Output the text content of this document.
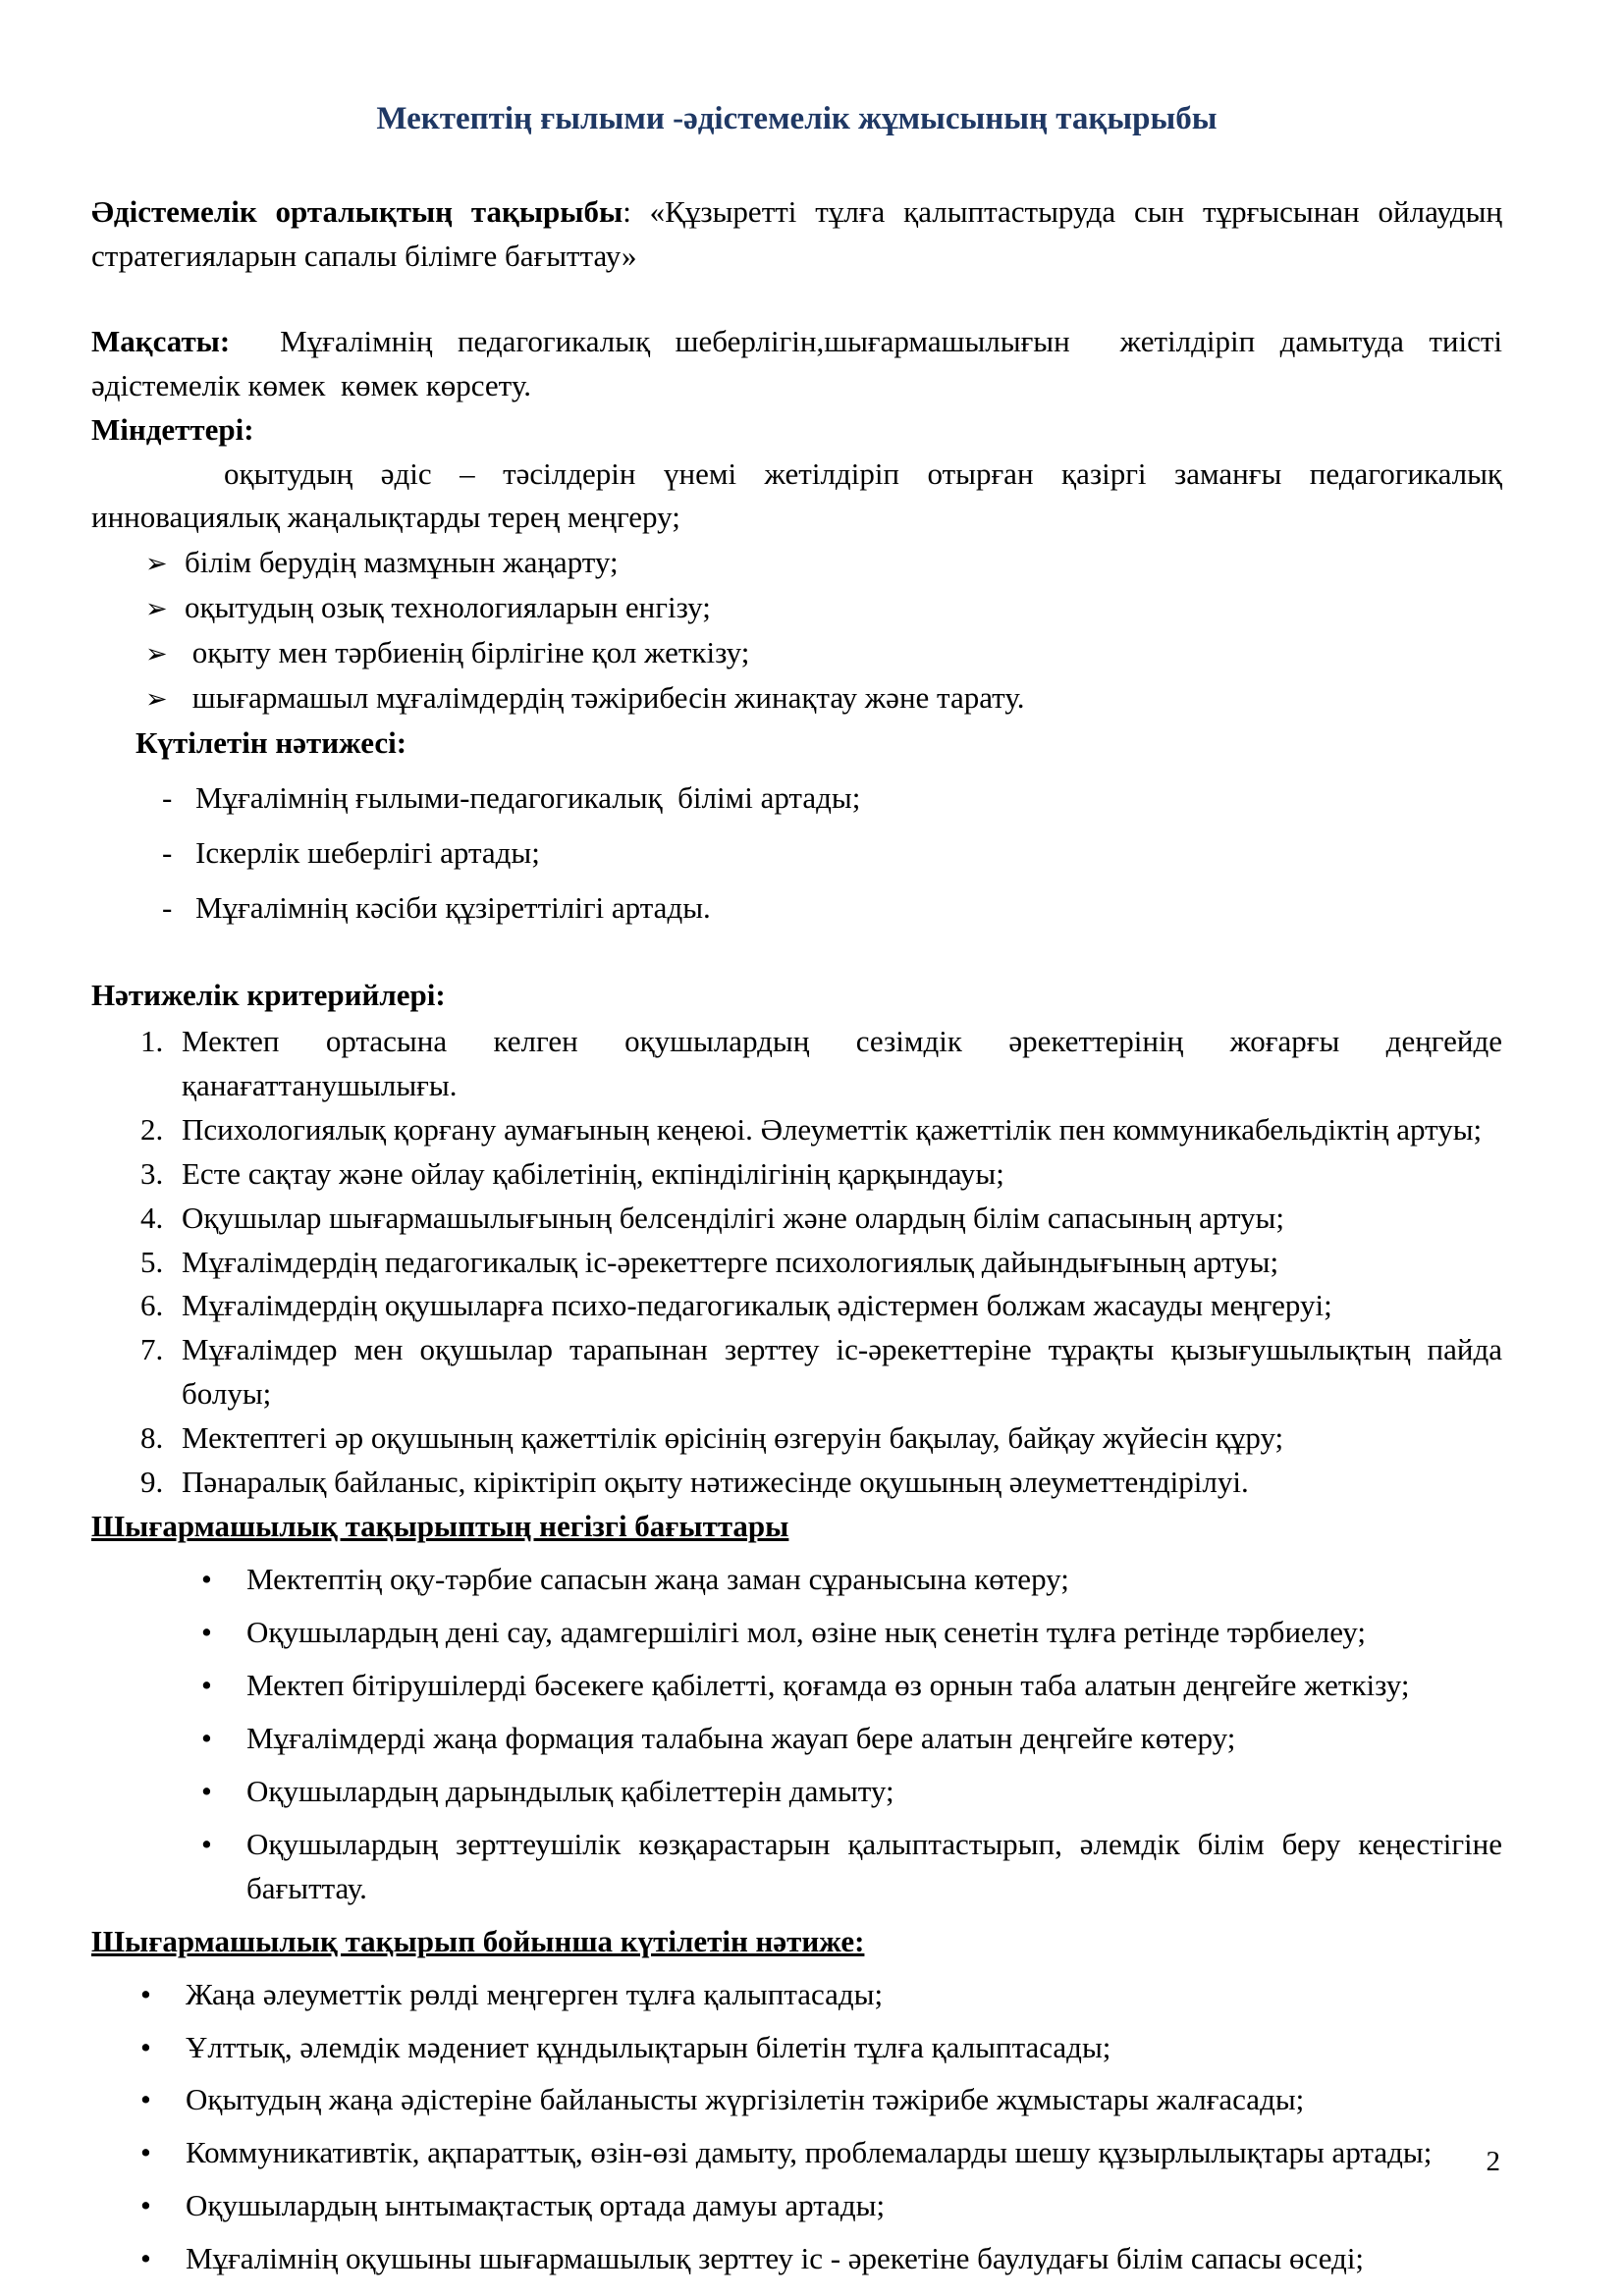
Мектептің ғылыми -әдістемелік жұмысының тақырыбы

Әдістемелік орталықтың тақырыбы: «Құзыретті тұлға қалыптастыруда сын тұрғысынан ойлаудың стратегияларын сапалы білімге бағыттау»

Мақсаты:  Мұғалімнің педагогикалық шеберлігін,шығармашылығын  жетілдіріп дамытуда тиісті әдістемелік көмек  көмек көрсету.

Міндеттері:

оқытудың әдіс – тәсілдерін үнемі жетілдіріп отырған қазіргі заманғы педагогикалық инновациялық жаңалықтарды терең меңгеру;

➢ білім берудің мазмұнын жаңарту;
➢ оқытудың озық технологияларын енгізу;
➢ оқыту мен тәрбиенің бірлігіне қол жеткізу;
➢ шығармашыл мұғалімдердің тәжірибесін жинақтау және тарату.

Күтілетін нәтижесі:

- Мұғалімнің ғылыми-педагогикалық  білімі артады;
- Іскерлік шеберлігі артады;
- Мұғалімнің кәсіби құзіреттілігі артады.

Нәтижелік критерийлері:

1. Мектеп ортасына келген оқушылардың сезімдік әрекеттерінің жоғарғы деңгейде қанағаттанушылығы.
2. Психологиялық қорғану аумағының кеңеюі. Әлеуметтік қажеттілік пен коммуникабельдіктің артуы;
3. Есте сақтау және ойлау қабілетінің, екпінділігінің қарқындауы;
4. Оқушылар шығармашылығының белсенділігі және олардың білім сапасының артуы;
5. Мұғалімдердің педагогикалық іс-әрекеттерге психологиялық дайындығының артуы;
6. Мұғалімдердің оқушыларға психо-педагогикалық әдістермен болжам жасауды меңгеруі;
7. Мұғалімдер мен оқушылар тарапынан зерттеу іс-әрекеттеріне тұрақты қызығушылықтың пайда болуы;
8. Мектептегі әр оқушының қажеттілік өрісінің өзгеруін бақылау, байқау жүйесін құру;
9. Пәнаралық байланыс, кіріктіріп оқыту нәтижесінде оқушының әлеуметтендірілуі.

Шығармашылық тақырыптың негізгі бағыттары

•	Мектептің оқу-тәрбие сапасын жаңа заман сұранысына көтеру;
•	Оқушылардың дені сау, адамгершілігі мол, өзіне нық сенетін тұлға ретінде тәрбиелеу;
•	Мектеп бітірушілерді бәсекеге қабілетті, қоғамда өз орнын таба алатын деңгейге жеткізу;
•	Мұғалімдерді жаңа формация талабына жауап бере алатын деңгейге көтеру;
•	Оқушылардың дарындылық қабілеттерін дамыту;
•	Оқушылардың зерттеушілік көзқарастарын қалыптастырып, әлемдік білім беру кеңестігіне бағыттау.

Шығармашылық тақырып бойынша күтілетін нәтиже:

•	Жаңа әлеуметтік рөлді меңгерген тұлға қалыптасады;
•	Ұлттық, әлемдік мәдениет құндылықтарын білетін тұлға қалыптасады;
•	Оқытудың жаңа әдістеріне байланысты жүргізілетін тәжірибе жұмыстары жалғасады;
•	Коммуникативтік, ақпараттық, өзін-өзі дамыту, проблемаларды шешу құзырлылықтары артады;
•	Оқушылардың ынтымақтастық ортада дамуы артады;
•	Мұғалімнің оқушыны шығармашылық зерттеу іс - әрекетіне баулудағы білім сапасы өседі;
2
